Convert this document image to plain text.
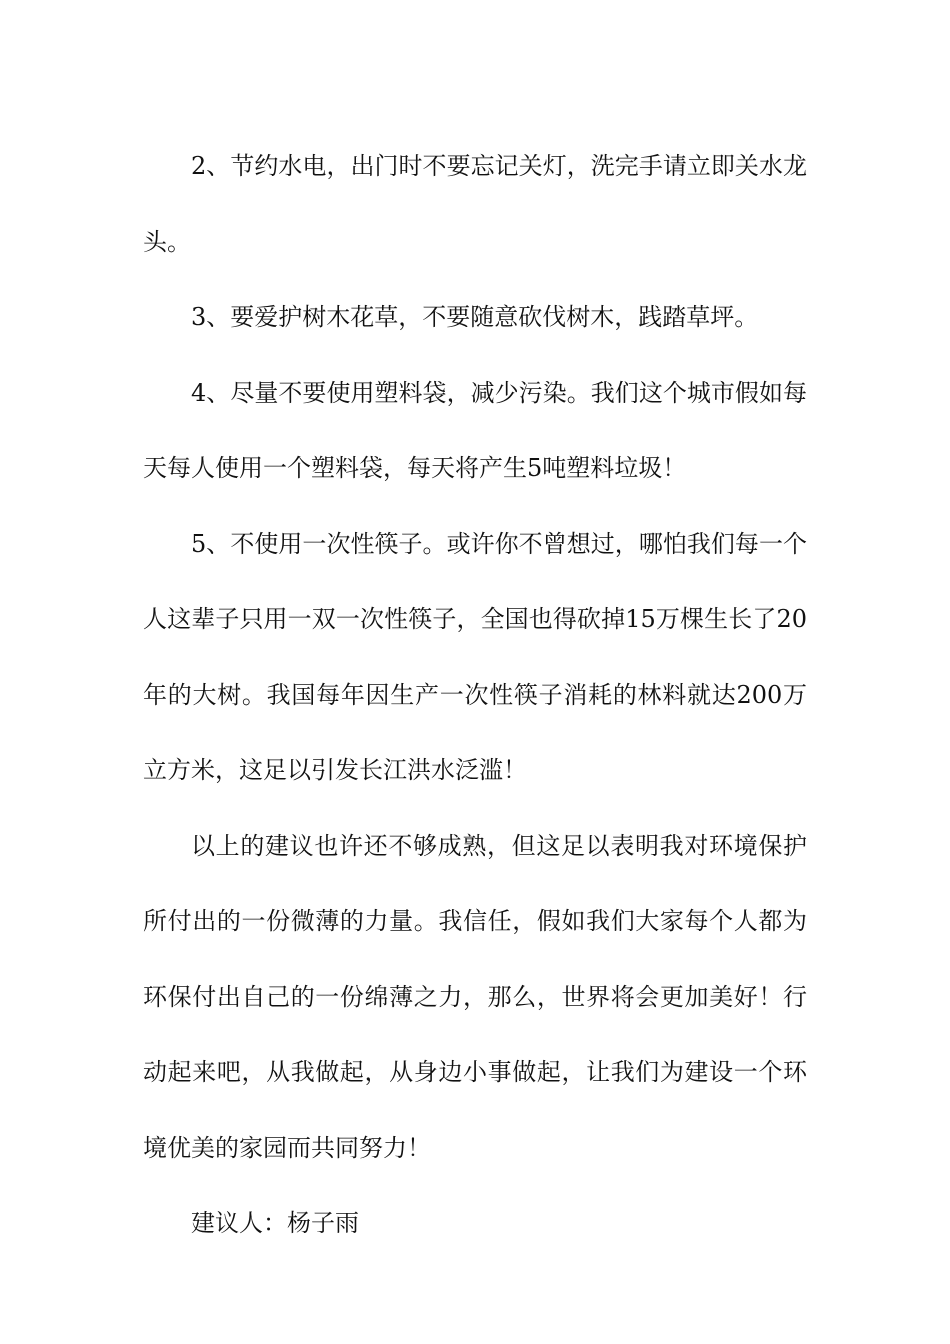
2、节约水电，出门时不要忘记关灯，洗完手请立即关水龙头。

3、要爱护树木花草，不要随意砍伐树木，践踏草坪。

4、尽量不要使用塑料袋，减少污染。我们这个城市假如每天每人使用一个塑料袋，每天将产生5吨塑料垃圾！

5、不使用一次性筷子。或许你不曾想过，哪怕我们每一个人这辈子只用一双一次性筷子，全国也得砍掉15万棵生长了20年的大树。我国每年因生产一次性筷子消耗的林料就达200万立方米，这足以引发长江洪水泛滥！

以上的建议也许还不够成熟，但这足以表明我对环境保护所付出的一份微薄的力量。我信任，假如我们大家每个人都为环保付出自己的一份绵薄之力，那么，世界将会更加美好！行动起来吧，从我做起，从身边小事做起，让我们为建设一个环境优美的家园而共同努力！

建议人：杨子雨
